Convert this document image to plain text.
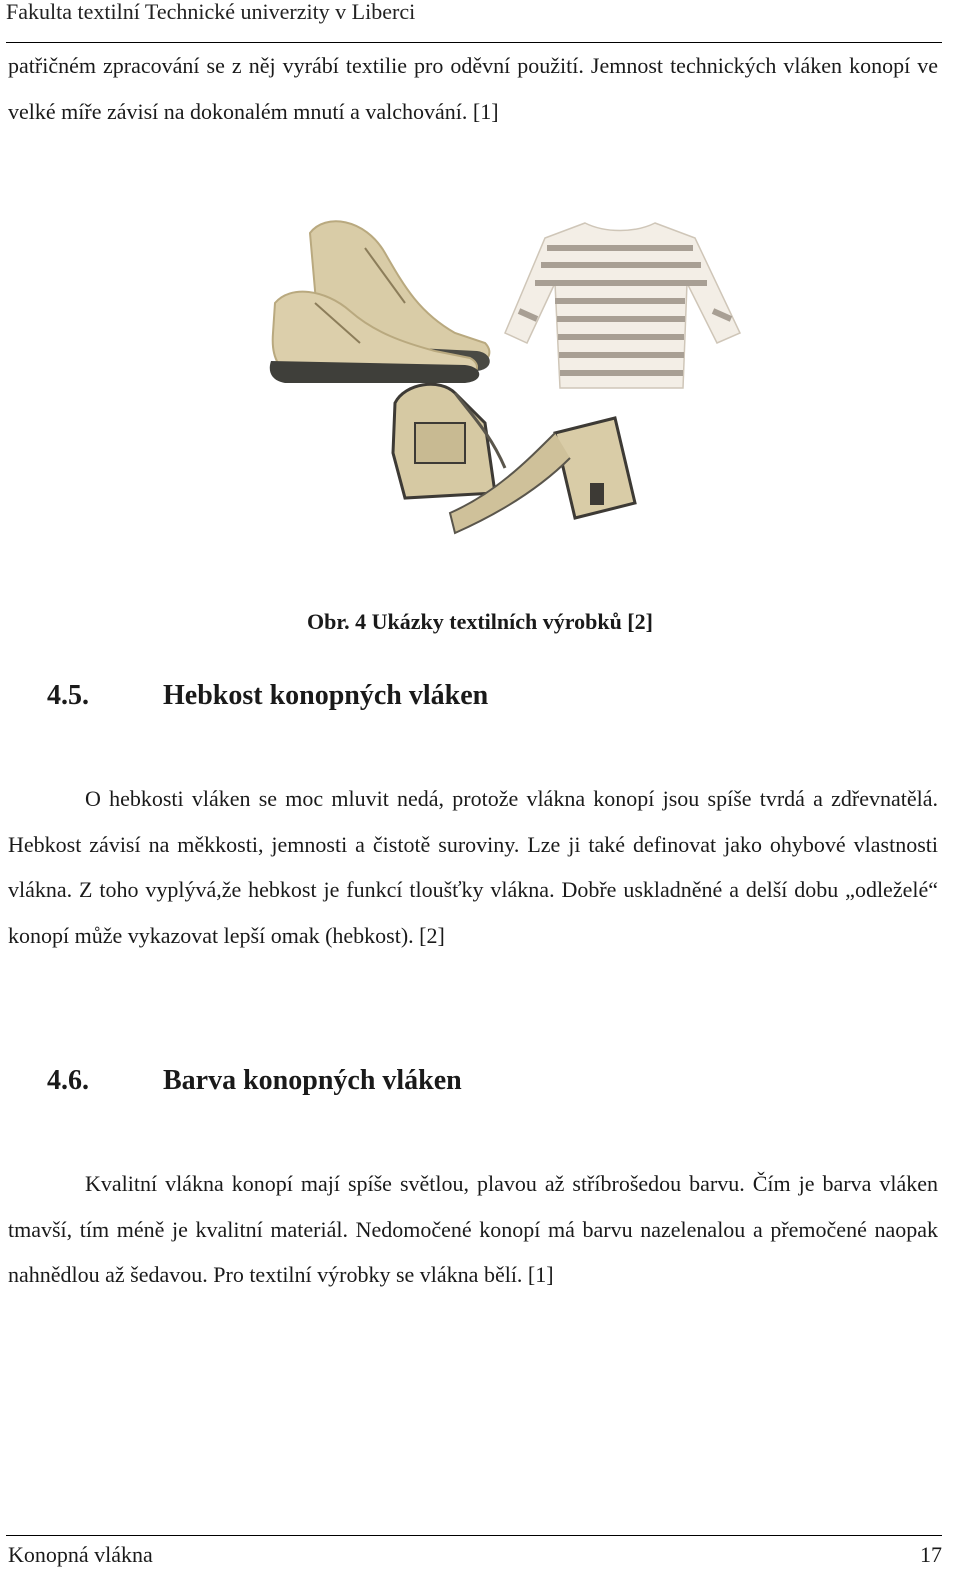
Fakulta textilní Technické univerzity v Liberci

patřičném zpracování se z něj vyrábí textilie pro oděvní použití. Jemnost technických vláken konopí ve velké míře závisí na dokonalém mnutí a valchování. [1]

Obr. 4 Ukázky textilních výrobků [2]
4.5.	Hebkost konopných vláken

O hebkosti vláken se moc mluvit nedá, protože vlákna konopí jsou spíše tvrdá a zdřevnatělá. Hebkost závisí na měkkosti, jemnosti a čistotě suroviny. Lze ji také definovat jako ohybové vlastnosti vlákna. Z toho vyplývá,že hebkost je funkcí tloušťky vlákna. Dobře uskladněné a delší dobu „odleželé“ konopí může vykazovat lepší omak (hebkost). [2]

4.6.	Barva konopných vláken

Kvalitní vlákna konopí mají spíše světlou, plavou až stříbrošedou barvu. Čím je barva vláken tmavší, tím méně je kvalitní materiál. Nedomočené konopí má barvu nazelenalou a přemočené naopak nahnědlou až šedavou. Pro textilní výrobky se vlákna bělí. [1]

Konopná vlákna	17
